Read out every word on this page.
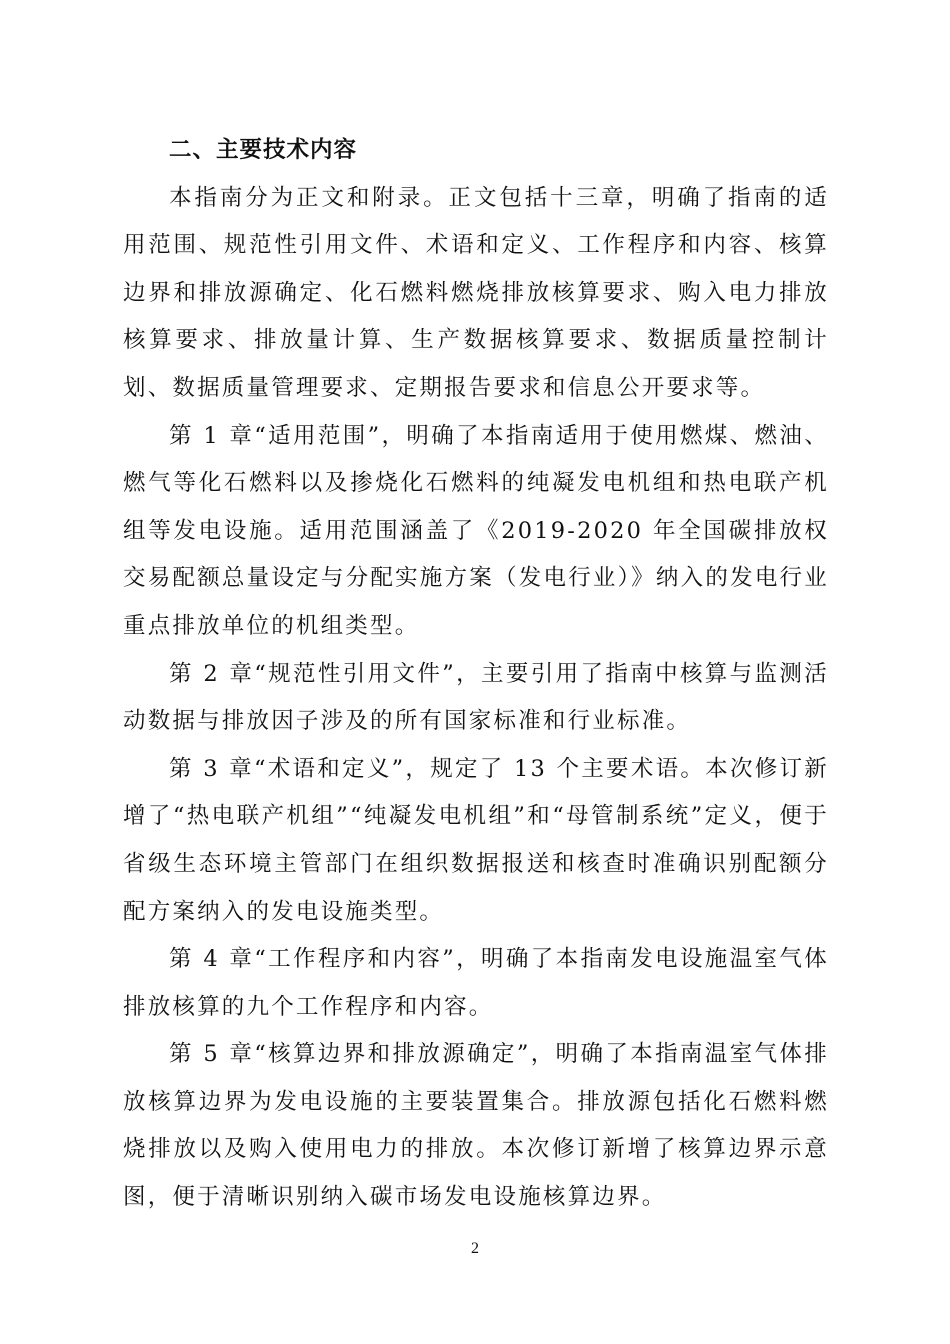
二、主要技术内容

本指南分为正文和附录。正文包括十三章，明确了指南的适用范围、规范性引用文件、术语和定义、工作程序和内容、核算边界和排放源确定、化石燃料燃烧排放核算要求、购入电力排放核算要求、排放量计算、生产数据核算要求、数据质量控制计划、数据质量管理要求、定期报告要求和信息公开要求等。

第 1 章“适用范围”，明确了本指南适用于使用燃煤、燃油、燃气等化石燃料以及掺烧化石燃料的纯凝发电机组和热电联产机组等发电设施。适用范围涵盖了《2019-2020 年全国碳排放权交易配额总量设定与分配实施方案（发电行业）》纳入的发电行业重点排放单位的机组类型。

第 2 章“规范性引用文件”，主要引用了指南中核算与监测活动数据与排放因子涉及的所有国家标准和行业标准。

第 3 章“术语和定义”，规定了 13 个主要术语。本次修订新增了“热电联产机组”“纯凝发电机组”和“母管制系统”定义，便于省级生态环境主管部门在组织数据报送和核查时准确识别配额分配方案纳入的发电设施类型。

第 4 章“工作程序和内容”，明确了本指南发电设施温室气体排放核算的九个工作程序和内容。

第 5 章“核算边界和排放源确定”，明确了本指南温室气体排放核算边界为发电设施的主要装置集合。排放源包括化石燃料燃烧排放以及购入使用电力的排放。本次修订新增了核算边界示意图，便于清晰识别纳入碳市场发电设施核算边界。

2
